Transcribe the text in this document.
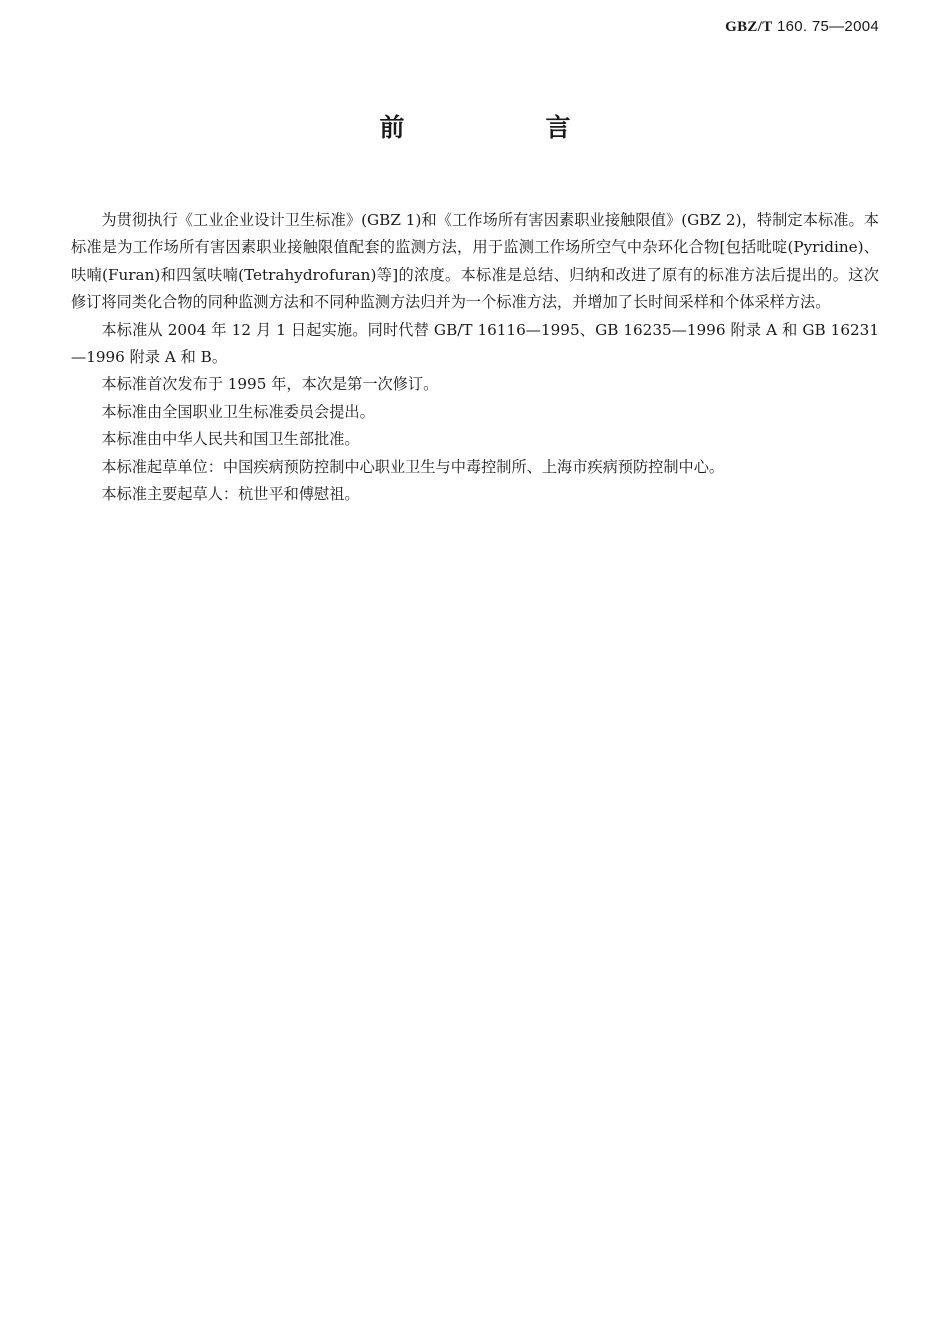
GBZ/T 160. 75—2004
前　言

为贯彻执行《工业企业设计卫生标准》(GBZ 1)和《工作场所有害因素职业接触限值》(GBZ 2)，特制定本标准。本标准是为工作场所有害因素职业接触限值配套的监测方法，用于监测工作场所空气中杂环化合物[包括吡啶(Pyridine)、呋喃(Furan)和四氢呋喃(Tetrahydrofuran)等]的浓度。本标准是总结、归纳和改进了原有的标准方法后提出的。这次修订将同类化合物的同种监测方法和不同种监测方法归并为一个标准方法，并增加了长时间采样和个体采样方法。

本标准从 2004 年 12 月 1 日起实施。同时代替 GB/T 16116—1995、GB 16235—1996 附录 A 和 GB 16231—1996 附录 A 和 B。

本标准首次发布于 1995 年，本次是第一次修订。

本标准由全国职业卫生标准委员会提出。

本标准由中华人民共和国卫生部批准。

本标准起草单位：中国疾病预防控制中心职业卫生与中毒控制所、上海市疾病预防控制中心。

本标准主要起草人：杭世平和傅慰祖。
